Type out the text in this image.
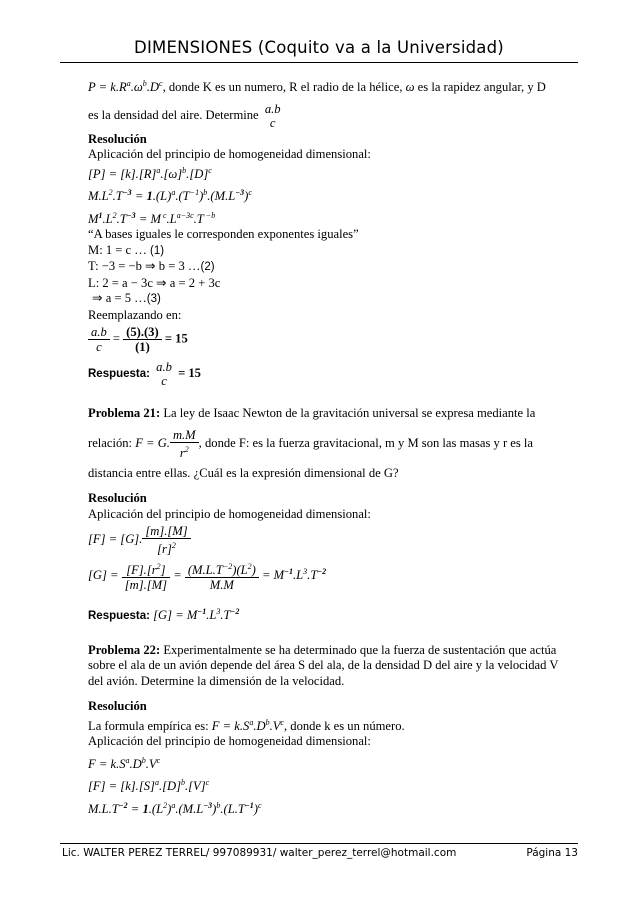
DIMENSIONES (Coquito va a la Universidad)
$P = k.R^a.\omega^b.D^c$, donde K es un numero, R el radio de la hélice, ω es la rapidez angular, y D
es la densidad del aire. Determine a.b
c
Resolución
Aplicación del principio de homogeneidad dimensional:
$[P] = [k].[R]^a.[\omega]^b.[D]^c$
$M.L^2.T^{-3} = 1.(L)^a.(T^{-1})^b.(M.L^{-3})^c$
$M^1.L^2.T^{-3} = M$ $^c.L^{a-3c}.T$ $^{-b}$
“A bases iguales le corresponden exponentes iguales”
M: 1 = c … (1)
T: −3 = −b ⇒ b = 3 …(2)
L: 2 = a − 3c ⇒ a = 2 + 3c
⇒ a = 5 …(3)
Reemplazando en:
$\frac{a.b}{c} = \frac{(5).(3)}{(1)} = 15$
Respuesta: a.b
c
= 15
Problema 21: La ley de Isaac Newton de la gravitación universal se expresa mediante la
relación: F = G. $\frac{m.M}{r^2}$ , donde F: es la fuerza gravitacional, m y M son las masas y r es la
distancia entre ellas. ¿Cuál es la expresión dimensional de G?
Resolución
Aplicación del principio de homogeneidad dimensional:
[F] = [G]. $\frac{[m].[M]}{[r]^2}$
$[G] = \frac{[F].[r^2]}{[m].[M]} = \frac{(M.L.T^{-2})(L^2)}{M.M} = M^{-1}.L^3.T^{-2}$
Respuesta: $[G] = M^{-1}.L^3.T^{-2}$
Problema 22: Experimentalmente se ha determinado que la fuerza de sustentación que actúa
sobre el ala de un avión depende del área S del ala, de la densidad D del aire y la velocidad V
del avión. Determine la dimensión de la velocidad.
Resolución
La formula empírica es: $F = k.S^a.D^b.V^c$, donde k es un número.
Aplicación del principio de homogeneidad dimensional:
$F = k.S^a.D^b.V^c$
$[F] = [k].[S]^a.[D]^b.[V]^c$
$M.L.T^{-2} = 1.(L^2)^a.(M.L^{-3})^b.(L.T^{-1})^c$
Lic. WALTER PEREZ TERREL/ 997089931/ walter_perez_terrel@hotmail.com	Página 13
